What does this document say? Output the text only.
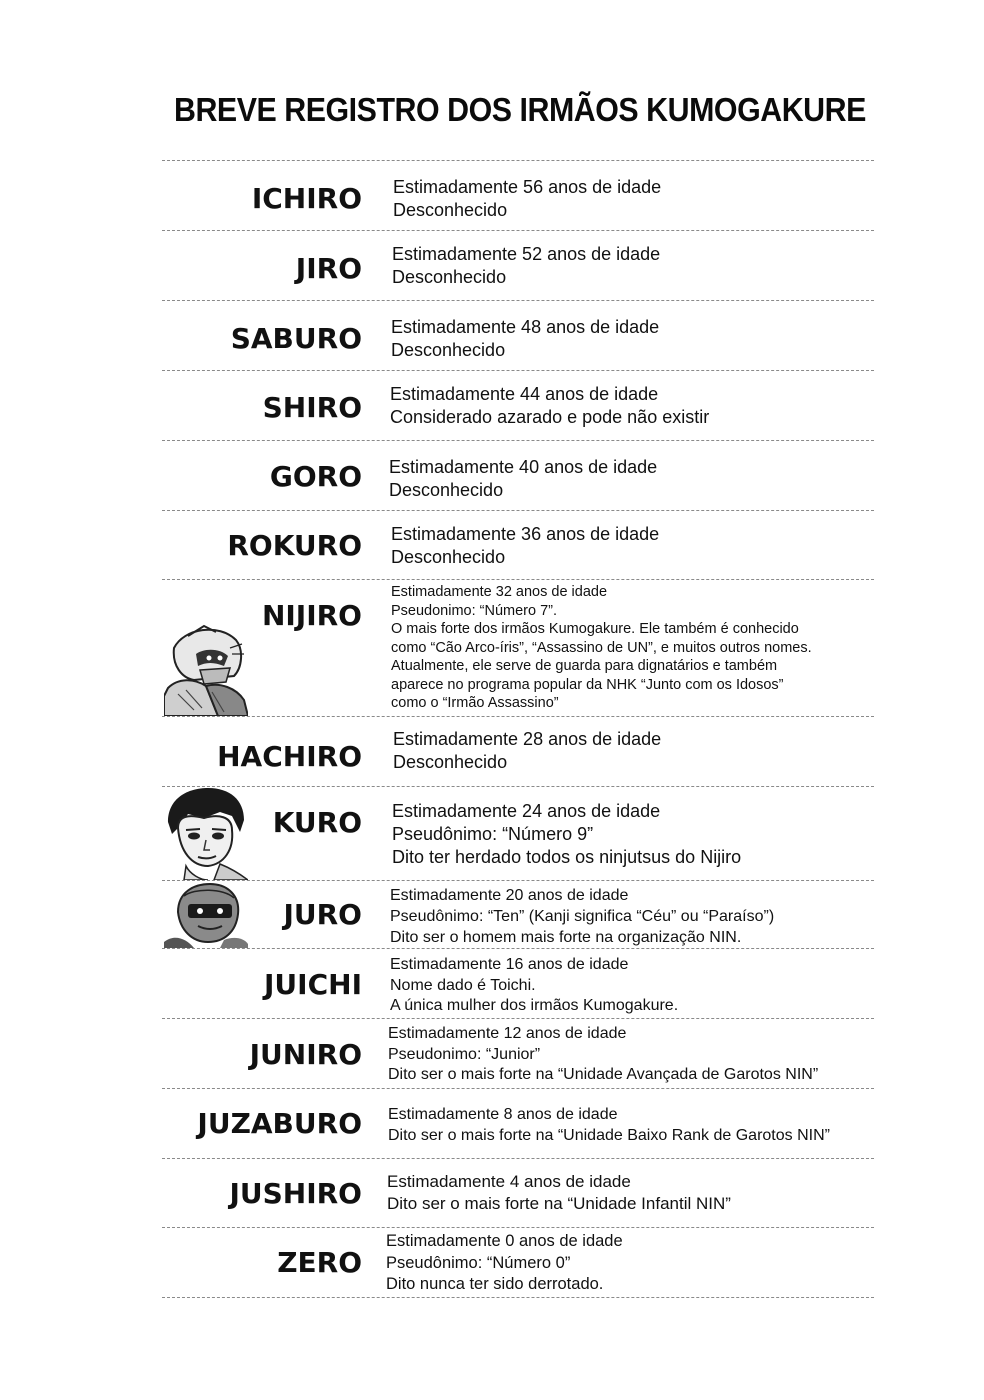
BREVE REGISTRO DOS IRMÃOS KUMOGAKURE
ICHIRO Estimadamente 56 anos de idade
Desconhecido
JIRO Estimadamente 52 anos de idade
Desconhecido
SABURO Estimadamente 48 anos de idade
Desconhecido
SHIRO Estimadamente 44 anos de idade
Considerado azarado e pode não existir
GORO Estimadamente 40 anos de idade
Desconhecido
ROKURO Estimadamente 36 anos de idade
Desconhecido
NIJIRO
Estimadamente 32 anos de idade
Pseudonimo: “Número 7”.
O mais forte dos irmãos Kumogakure. Ele também é conhecido
como “Cão Arco-íris”, “Assassino de UN”, e muitos outros nomes.
Atualmente, ele serve de guarda para dignatários e também
aparece no programa popular da NHK “Junto com os Idosos”
como o “Irmão Assassino”
HACHIRO
Estimadamente 28 anos de idade
Desconhecido
KURO Estimadamente 24 anos de idade
Pseudônimo: “Número 9”
Dito ter herdado todos os ninjutsus do Nijiro
JURO
Estimadamente 20 anos de idade
Pseudônimo: “Ten” (Kanji significa “Céu” ou “Paraíso”)
Dito ser o homem mais forte na organização NIN.
JUICHI
Estimadamente 16 anos de idade
Nome dado é Toichi.
A única mulher dos irmãos Kumogakure.
JUNIRO
Estimadamente 12 anos de idade
Pseudonimo: “Junior”
Dito ser o mais forte na “Unidade Avançada de Garotos NIN”
JUZABURO Estimadamente 8 anos de idade
Dito ser o mais forte na “Unidade Baixo Rank de Garotos NIN”
JUSHIRO Estimadamente 4 anos de idade
Dito ser o mais forte na “Unidade Infantil NIN”
ZERO
Estimadamente 0 anos de idade
Pseudônimo: “Número 0”
Dito nunca ter sido derrotado.
